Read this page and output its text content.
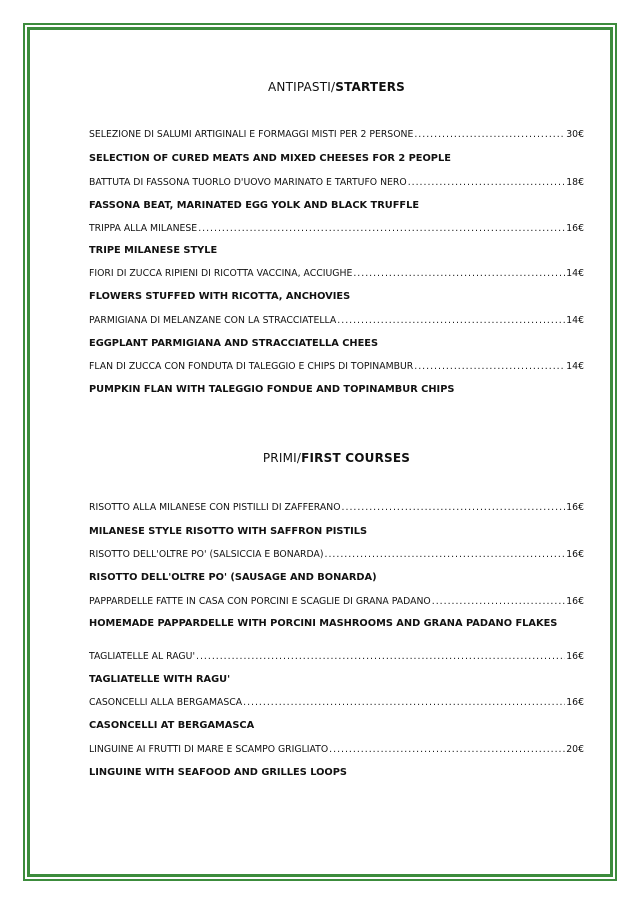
ANTIPASTI/STARTERS
SELEZIONE DI SALUMI ARTIGINALI E FORMAGGI MISTI PER 2 PERSONE .....	30€
SELECTION OF CURED MEATS AND MIXED CHEESES FOR 2 PEOPLE
BATTUTA DI FASSONA TUORLO D'UOVO MARINATO E TARTUFO NERO .....	18€
FASSONA BEAT, MARINATED EGG YOLK AND BLACK TRUFFLE
TRIPPA ALLA MILANESE .....	16€
TRIPE MILANESE STYLE
FIORI DI ZUCCA RIPIENI DI RICOTTA VACCINA, ACCIUGHE .....	14€
FLOWERS STUFFED WITH RICOTTA, ANCHOVIES
PARMIGIANA DI MELANZANE CON LA STRACCIATELLA .....	14€
EGGPLANT PARMIGIANA AND STRACCIATELLA CHEES
FLAN DI ZUCCA CON FONDUTA DI TALEGGIO E CHIPS DI TOPINAMBUR .....	14€
PUMPKIN FLAN WITH TALEGGIO FONDUE AND TOPINAMBUR CHIPS
PRIMI/FIRST COURSES
RISOTTO ALLA MILANESE CON PISTILLI DI ZAFFERANO .....	16€
MILANESE STYLE RISOTTO WITH SAFFRON PISTILS
RISOTTO DELL'OLTRE PO' (SALSICCIA E BONARDA) .....	16€
RISOTTO DELL'OLTRE PO' (SAUSAGE AND BONARDA)
PAPPARDELLE FATTE IN CASA CON PORCINI E SCAGLIE DI GRANA PADANO .....	16€
HOMEMADE PAPPARDELLE WITH PORCINI MASHROOMS AND GRANA PADANO FLAKES
TAGLIATELLE AL RAGU' .....	16€
TAGLIATELLE WITH RAGU'
CASONCELLI ALLA BERGAMASCA .....	16€
CASONCELLI AT BERGAMASCA
LINGUINE AI FRUTTI DI MARE E SCAMPO GRIGLIATO .....	20€
LINGUINE WITH SEAFOOD AND GRILLES LOOPS
